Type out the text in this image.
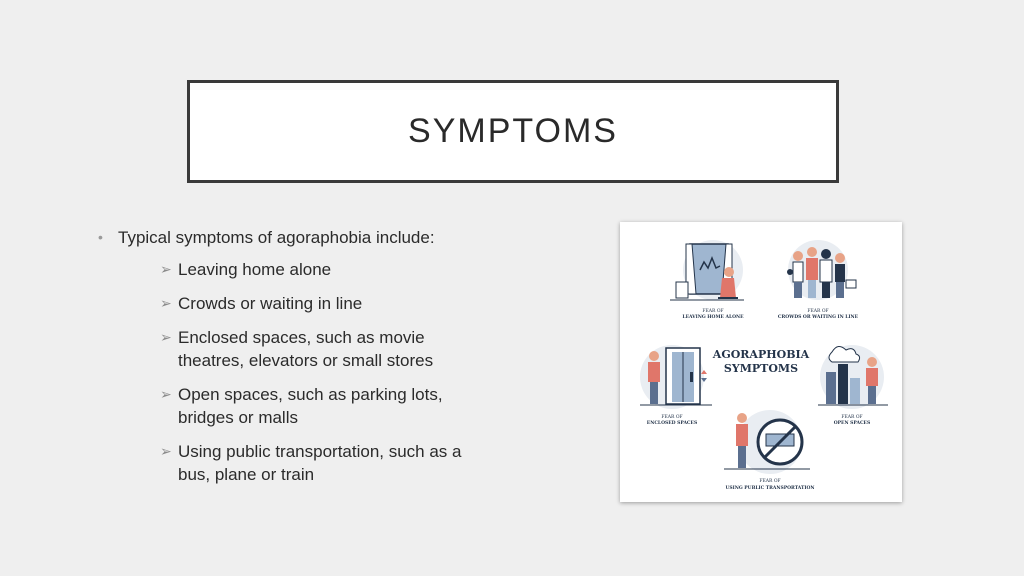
SYMPTOMS
• Typical symptoms of agoraphobia include:
➢ Leaving home alone
➢ Crowds or waiting in line
➢ Enclosed spaces, such as movie theatres, elevators or small stores
➢ Open spaces, such as parking lots, bridges or malls
➢ Using public transportation, such as a bus, plane or train
FEAR OF
LEAVING HOME ALONE
FEAR OF
CROWDS OR WAITING IN LINE
AGORAPHOBIA
SYMPTOMS
FEAR OF
ENCLOSED SPACES
FEAR OF
OPEN SPACES
FEAR OF
USING PUBLIC TRANSPORTATION
